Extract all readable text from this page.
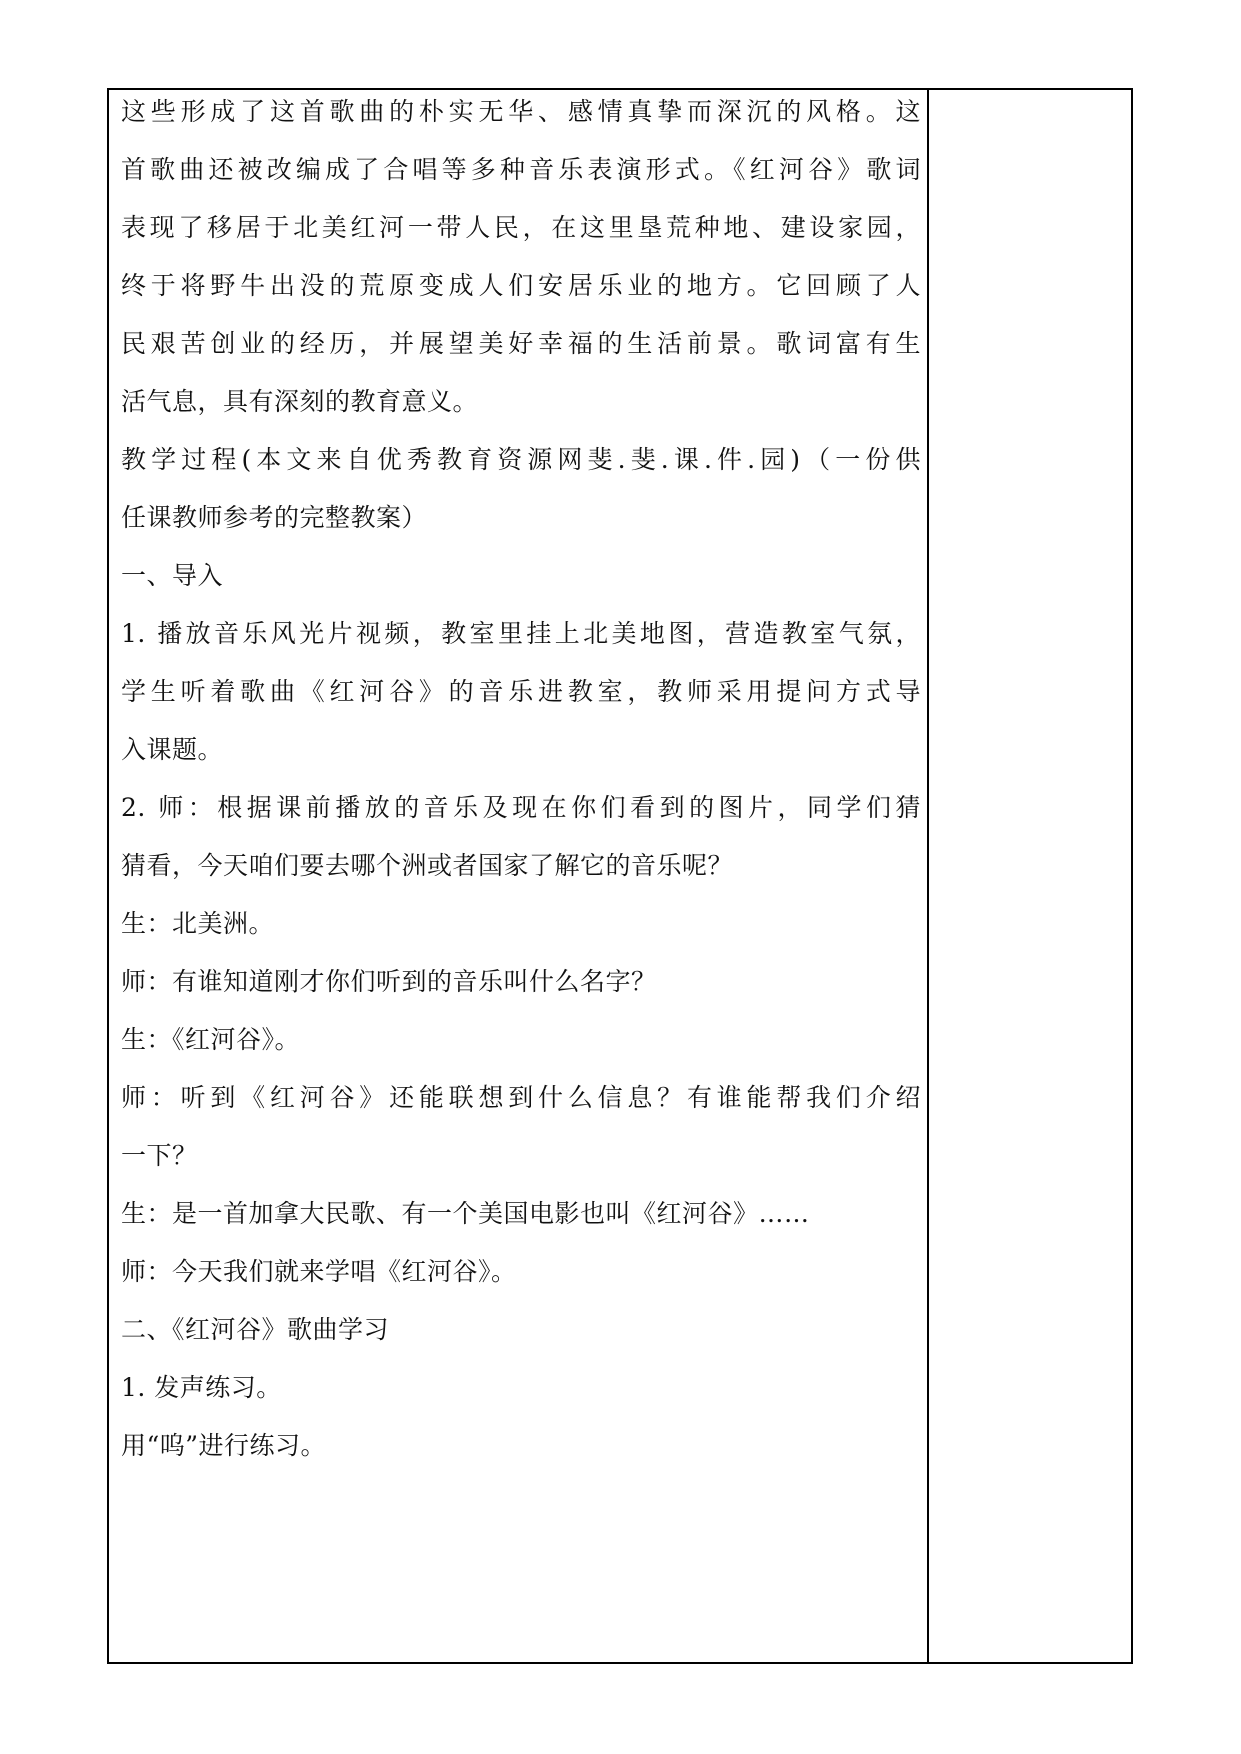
这些形成了这首歌曲的朴实无华、感情真挚而深沉的风格。这
首歌曲还被改编成了合唱等多种音乐表演形式。《红河谷》歌词
表现了移居于北美红河一带人民，在这里垦荒种地、建设家园，
终于将野牛出没的荒原变成人们安居乐业的地方。它回顾了人
民艰苦创业的经历，并展望美好幸福的生活前景。歌词富有生
活气息，具有深刻的教育意义。
教学过程(本文来自优秀教育资源网斐.斐.课.件.园)（一份供
任课教师参考的完整教案）
一、导入
1. 播放音乐风光片视频，教室里挂上北美地图，营造教室气氛，
学生听着歌曲《红河谷》的音乐进教室，教师采用提问方式导
入课题。
2. 师：根据课前播放的音乐及现在你们看到的图片，同学们猜
猜看，今天咱们要去哪个洲或者国家了解它的音乐呢？
生：北美洲。
师：有谁知道刚才你们听到的音乐叫什么名字？
生：《红河谷》。
师：听到《红河谷》还能联想到什么信息？有谁能帮我们介绍
一下？
生：是一首加拿大民歌、有一个美国电影也叫《红河谷》……
师：今天我们就来学唱《红河谷》。
二、《红河谷》歌曲学习
1. 发声练习。
用“呜”进行练习。
